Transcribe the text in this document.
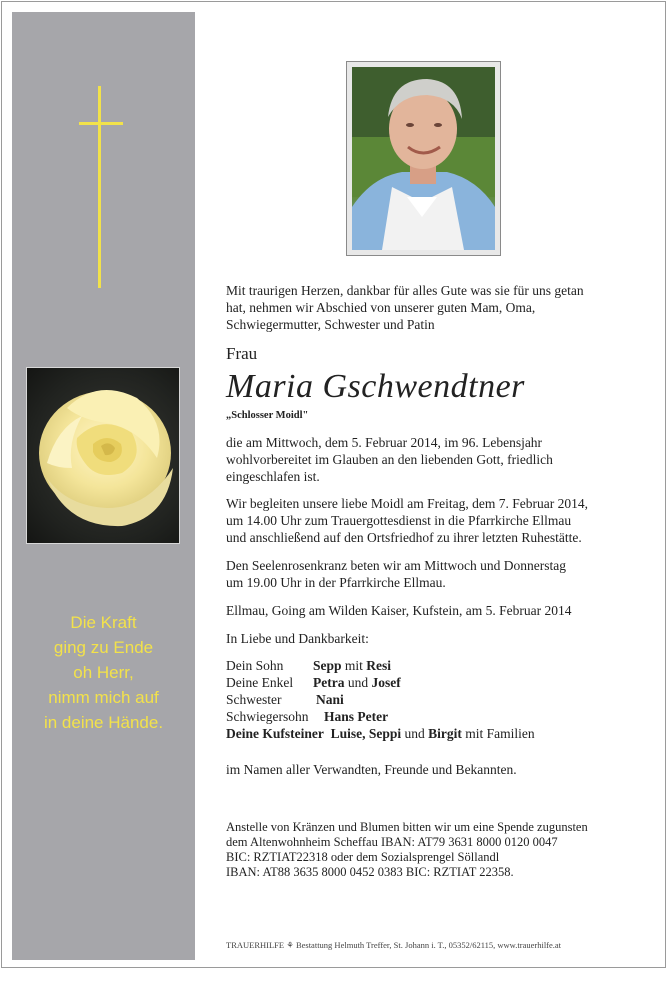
Die Kraft
ging zu Ende
oh Herr,
nimm mich auf
in deine Hände.
Mit traurigen Herzen, dankbar für alles Gute was sie für uns getan
hat, nehmen wir Abschied von unserer guten Mam, Oma,
Schwiegermutter, Schwester und Patin
Frau
Maria Gschwendtner
„Schlosser Moidl"
die am Mittwoch, dem 5. Februar 2014, im 96. Lebensjahr
wohlvorbereitet im Glauben an den liebenden Gott, friedlich
eingeschlafen ist.
Wir begleiten unsere liebe Moidl am Freitag, dem 7. Februar 2014,
um 14.00 Uhr zum Trauergottesdienst in die Pfarrkirche Ellmau
und anschließend auf den Ortsfriedhof zu ihrer letzten Ruhestätte.
Den Seelenrosenkranz beten wir am Mittwoch und Donnerstag
um 19.00 Uhr in der Pfarrkirche Ellmau.
Ellmau, Going am Wilden Kaiser, Kufstein, am 5. Februar 2014
In Liebe und Dankbarkeit:
Dein Sohn Sepp mit Resi
Deine Enkel Petra und Josef
Schwester	Nani
Schwiegersohn Hans Peter
Deine Kufsteiner Luise, Seppi und Birgit mit Familien
im Namen aller Verwandten, Freunde und Bekannten.
Anstelle von Kränzen und Blumen bitten wir um eine Spende zugunsten
dem Altenwohnheim Scheffau IBAN: AT79 3631 8000 0120 0047
BIC: RZTIAT22318 oder dem Sozialsprengel Söllandl
IBAN: AT88 3635 8000 0452 0383 BIC: RZTIAT 22358.
TRAUERHILFE ⚘ Bestattung Helmuth Treffer, St. Johann i. T., 05352/62115, www.trauerhilfe.at
